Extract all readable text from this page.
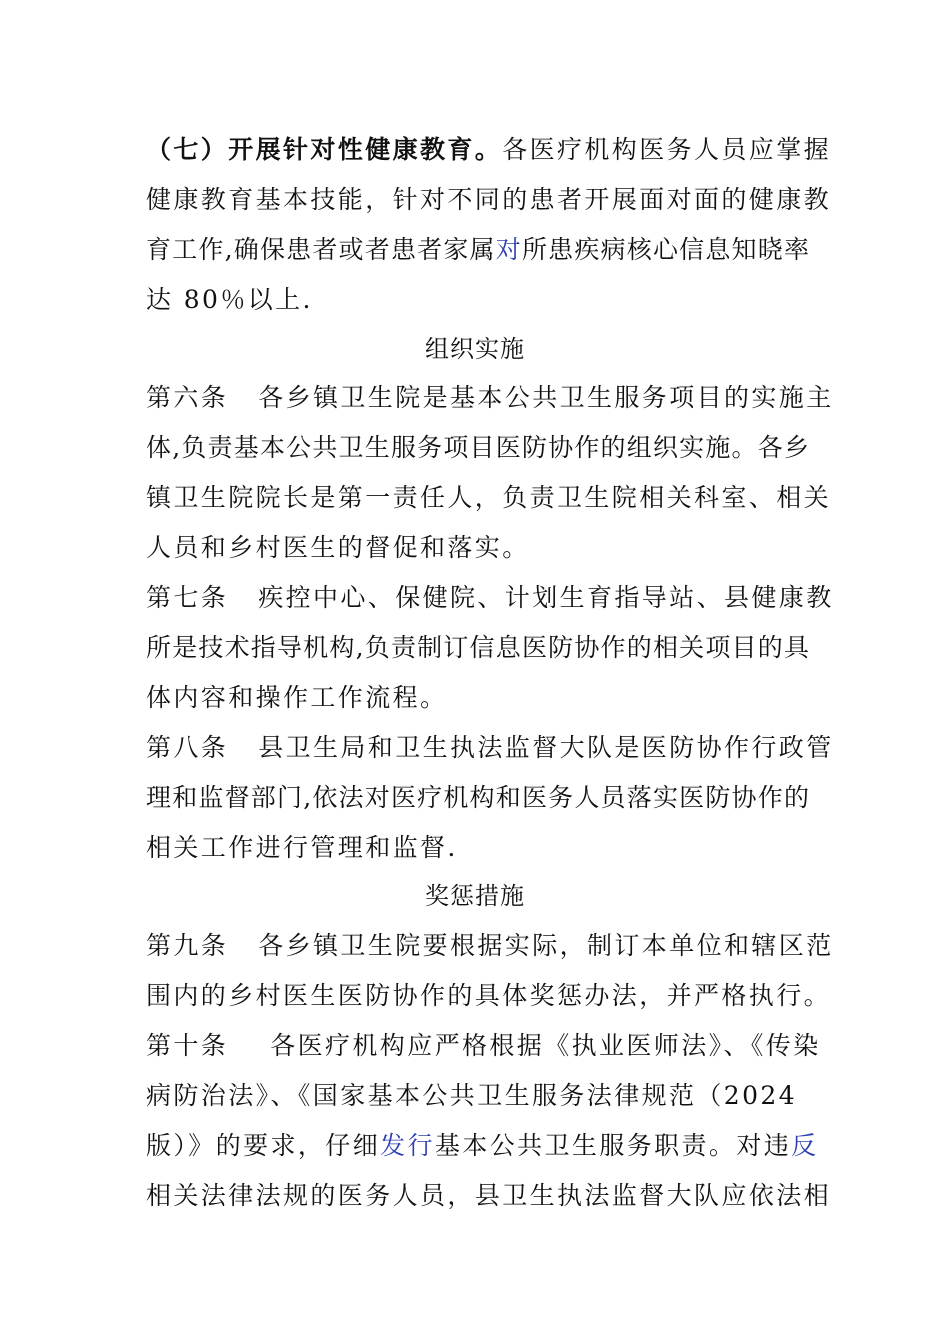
（七）开展针对性健康教育。各医疗机构医务人员应掌握
健康教育基本技能，针对不同的患者开展面对面的健康教
育工作,确保患者或者患者家属对所患疾病核心信息知晓率
达 80％以上.
组织实施
第六条 各乡镇卫生院是基本公共卫生服务项目的实施主
体,负责基本公共卫生服务项目医防协作的组织实施。各乡
镇卫生院院长是第一责任人，负责卫生院相关科室、相关
人员和乡村医生的督促和落实。
第七条 疾控中心、保健院、计划生育指导站、县健康教
所是技术指导机构,负责制订信息医防协作的相关项目的具
体内容和操作工作流程。
第八条 县卫生局和卫生执法监督大队是医防协作行政管
理和监督部门,依法对医疗机构和医务人员落实医防协作的
相关工作进行管理和监督.
奖惩措施
第九条 各乡镇卫生院要根据实际，制订本单位和辖区范
围内的乡村医生医防协作的具体奖惩办法，并严格执行。
第十条 各医疗机构应严格根据《执业医师法》、《传染
病防治法》、《国家基本公共卫生服务法律规范（2024
版）》的要求，仔细发行基本公共卫生服务职责。对违反
相关法律法规的医务人员，县卫生执法监督大队应依法相
